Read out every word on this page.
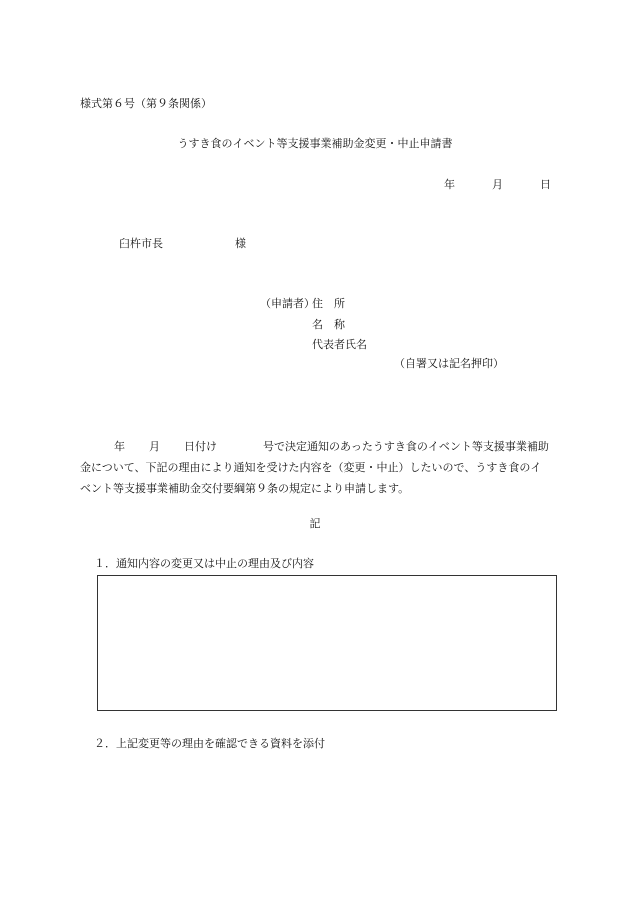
様式第６号（第９条関係）
うすき食のイベント等支援事業補助金変更・中止申請書
年	月	日
臼杵市長	様
（申請者）
住　所
名　称
代表者氏名
（自署又は記名押印）
年 月 日付け	号で決定通知のあったうすき食のイベント等支援事業補助金について、下記の理由により通知を受けた内容を（変更・中止）したいので、うすき食のイベント等支援事業補助金交付要綱第９条の規定により申請します。
記
１．通知内容の変更又は中止の理由及び内容
２．上記変更等の理由を確認できる資料を添付
